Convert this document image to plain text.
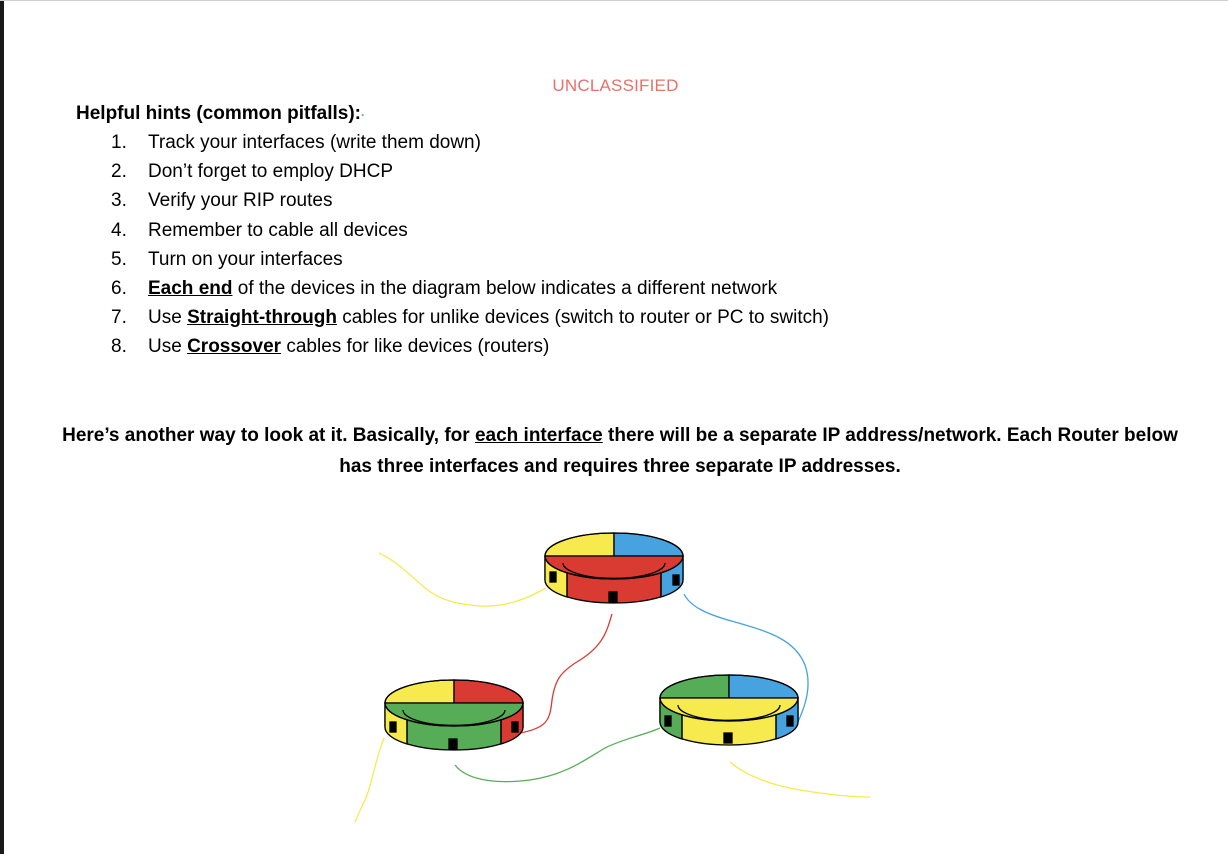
UNCLASSIFIED
Helpful hints (common pitfalls):·
1.	Track your interfaces (write them down)
2.	Don’t forget to employ DHCP
3.	Verify your RIP routes
4.	Remember to cable all devices
5.	Turn on your interfaces
6.	Each end of the devices in the diagram below indicates a different network
7.	Use Straight-through cables for unlike devices (switch to router or PC to switch)
8.	Use Crossover cables for like devices (routers)
Here’s another way to look at it. Basically, for each interface there will be a separate IP address/network. Each Router below has three interfaces and requires three separate IP addresses.
